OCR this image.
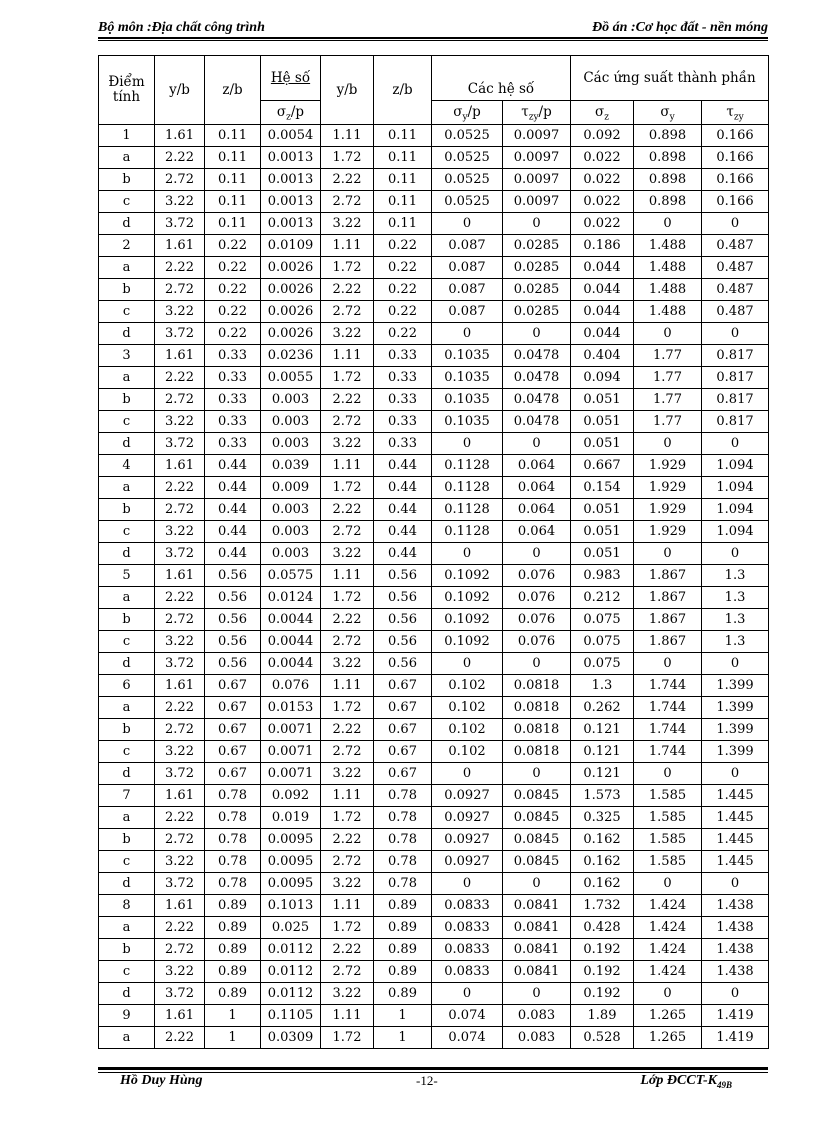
Bộ môn :Địa chất công trình	Đồ án :Cơ học đất - nền móng
Điểm tính	y/b	z/b	Hệ số	y/b	z/b	Các hệ số		Các ứng suất thành phần		
			$\sigma_z/p$			$\sigma_y/p$	$\tau_{zy}/p$	$\sigma_z$	$\sigma_y$	$\tau_{zy}$
1	1.61	0.11	0.0054	1.11	0.11	0.0525	0.0097	0.092	0.898	0.166
a	2.22	0.11	0.0013	1.72	0.11	0.0525	0.0097	0.022	0.898	0.166
b	2.72	0.11	0.0013	2.22	0.11	0.0525	0.0097	0.022	0.898	0.166
c	3.22	0.11	0.0013	2.72	0.11	0.0525	0.0097	0.022	0.898	0.166
d	3.72	0.11	0.0013	3.22	0.11	0	0	0.022	0	0
2	1.61	0.22	0.0109	1.11	0.22	0.087	0.0285	0.186	1.488	0.487
a	2.22	0.22	0.0026	1.72	0.22	0.087	0.0285	0.044	1.488	0.487
b	2.72	0.22	0.0026	2.22	0.22	0.087	0.0285	0.044	1.488	0.487
c	3.22	0.22	0.0026	2.72	0.22	0.087	0.0285	0.044	1.488	0.487
d	3.72	0.22	0.0026	3.22	0.22	0	0	0.044	0	0
3	1.61	0.33	0.0236	1.11	0.33	0.1035	0.0478	0.404	1.77	0.817
a	2.22	0.33	0.0055	1.72	0.33	0.1035	0.0478	0.094	1.77	0.817
b	2.72	0.33	0.003	2.22	0.33	0.1035	0.0478	0.051	1.77	0.817
c	3.22	0.33	0.003	2.72	0.33	0.1035	0.0478	0.051	1.77	0.817
d	3.72	0.33	0.003	3.22	0.33	0	0	0.051	0	0
4	1.61	0.44	0.039	1.11	0.44	0.1128	0.064	0.667	1.929	1.094
a	2.22	0.44	0.009	1.72	0.44	0.1128	0.064	0.154	1.929	1.094
b	2.72	0.44	0.003	2.22	0.44	0.1128	0.064	0.051	1.929	1.094
c	3.22	0.44	0.003	2.72	0.44	0.1128	0.064	0.051	1.929	1.094
d	3.72	0.44	0.003	3.22	0.44	0	0	0.051	0	0
5	1.61	0.56	0.0575	1.11	0.56	0.1092	0.076	0.983	1.867	1.3
a	2.22	0.56	0.0124	1.72	0.56	0.1092	0.076	0.212	1.867	1.3
b	2.72	0.56	0.0044	2.22	0.56	0.1092	0.076	0.075	1.867	1.3
c	3.22	0.56	0.0044	2.72	0.56	0.1092	0.076	0.075	1.867	1.3
d	3.72	0.56	0.0044	3.22	0.56	0	0	0.075	0	0
6	1.61	0.67	0.076	1.11	0.67	0.102	0.0818	1.3	1.744	1.399
a	2.22	0.67	0.0153	1.72	0.67	0.102	0.0818	0.262	1.744	1.399
b	2.72	0.67	0.0071	2.22	0.67	0.102	0.0818	0.121	1.744	1.399
c	3.22	0.67	0.0071	2.72	0.67	0.102	0.0818	0.121	1.744	1.399
d	3.72	0.67	0.0071	3.22	0.67	0	0	0.121	0	0
7	1.61	0.78	0.092	1.11	0.78	0.0927	0.0845	1.573	1.585	1.445
a	2.22	0.78	0.019	1.72	0.78	0.0927	0.0845	0.325	1.585	1.445
b	2.72	0.78	0.0095	2.22	0.78	0.0927	0.0845	0.162	1.585	1.445
c	3.22	0.78	0.0095	2.72	0.78	0.0927	0.0845	0.162	1.585	1.445
d	3.72	0.78	0.0095	3.22	0.78	0	0	0.162	0	0
8	1.61	0.89	0.1013	1.11	0.89	0.0833	0.0841	1.732	1.424	1.438
a	2.22	0.89	0.025	1.72	0.89	0.0833	0.0841	0.428	1.424	1.438
b	2.72	0.89	0.0112	2.22	0.89	0.0833	0.0841	0.192	1.424	1.438
c	3.22	0.89	0.0112	2.72	0.89	0.0833	0.0841	0.192	1.424	1.438
d	3.72	0.89	0.0112	3.22	0.89	0	0	0.192	0	0
9	1.61	1	0.1105	1.11	1	0.074	0.083	1.89	1.265	1.419
a	2.22	1	0.0309	1.72	1	0.074	0.083	0.528	1.265	1.419
Hồ Duy Hùng	-12-	Lớp ĐCCT-$K_{49B}$
